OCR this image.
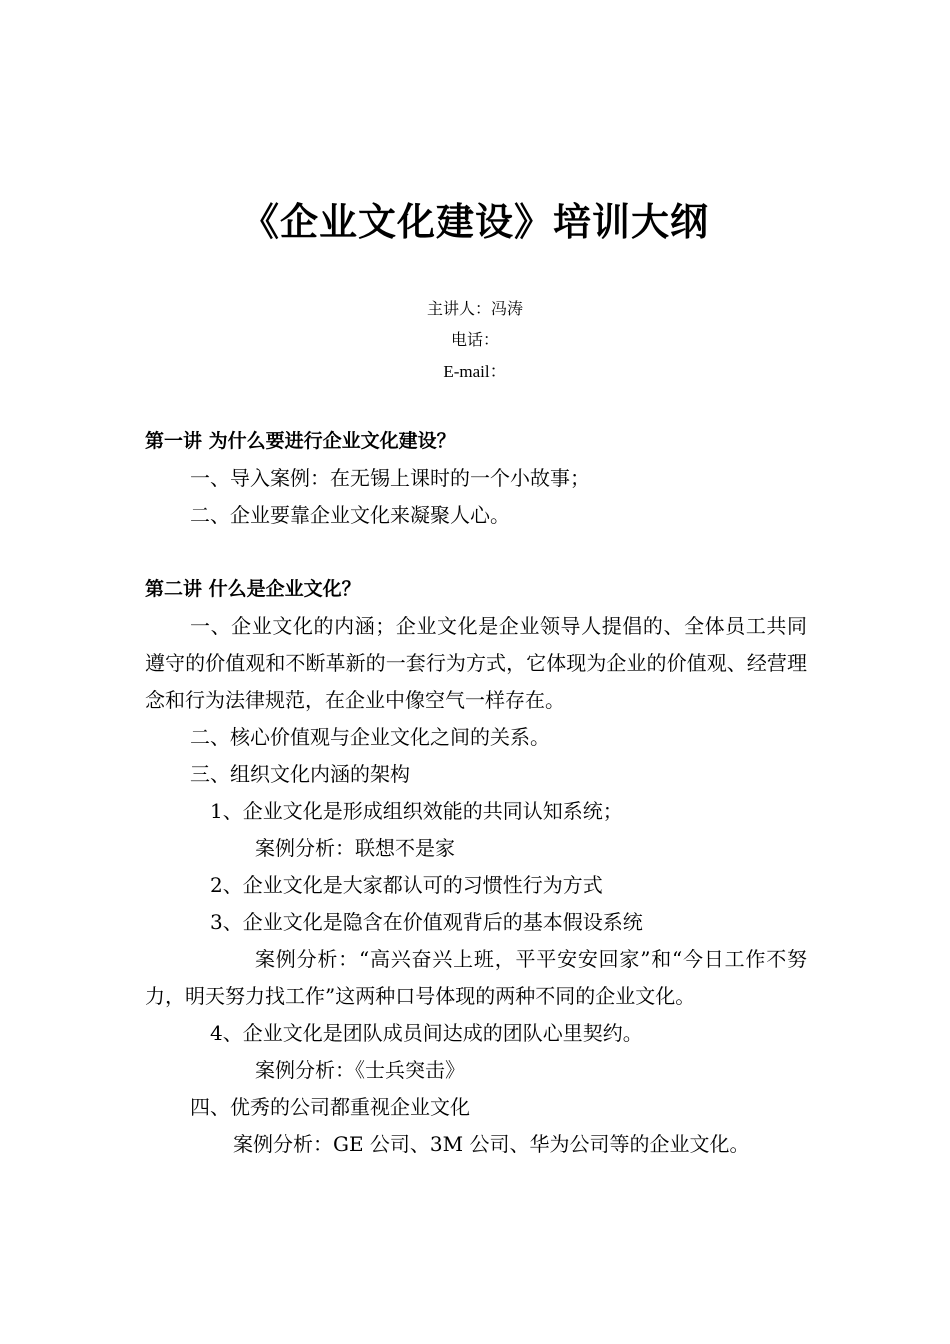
《企业文化建设》培训大纲
主讲人：冯涛
电话：
E-mail：
第一讲 为什么要进行企业文化建设？
一、导入案例：在无锡上课时的一个小故事；
二、企业要靠企业文化来凝聚人心。
第二讲 什么是企业文化？
一、企业文化的内涵；企业文化是企业领导人提倡的、全体员工共同遵守的价值观和不断革新的一套行为方式，它体现为企业的价值观、经营理念和行为法律规范，在企业中像空气一样存在。
二、核心价值观与企业文化之间的关系。
三、组织文化内涵的架构
1、企业文化是形成组织效能的共同认知系统；
案例分析：联想不是家
2、企业文化是大家都认可的习惯性行为方式
3、企业文化是隐含在价值观背后的基本假设系统
案例分析：“高兴奋兴上班，平平安安回家”和“今日工作不努力，明天努力找工作”这两种口号体现的两种不同的企业文化。
4、企业文化是团队成员间达成的团队心里契约。
案例分析：《士兵突击》
四、优秀的公司都重视企业文化
案例分析：GE 公司、3M 公司、华为公司等的企业文化。
